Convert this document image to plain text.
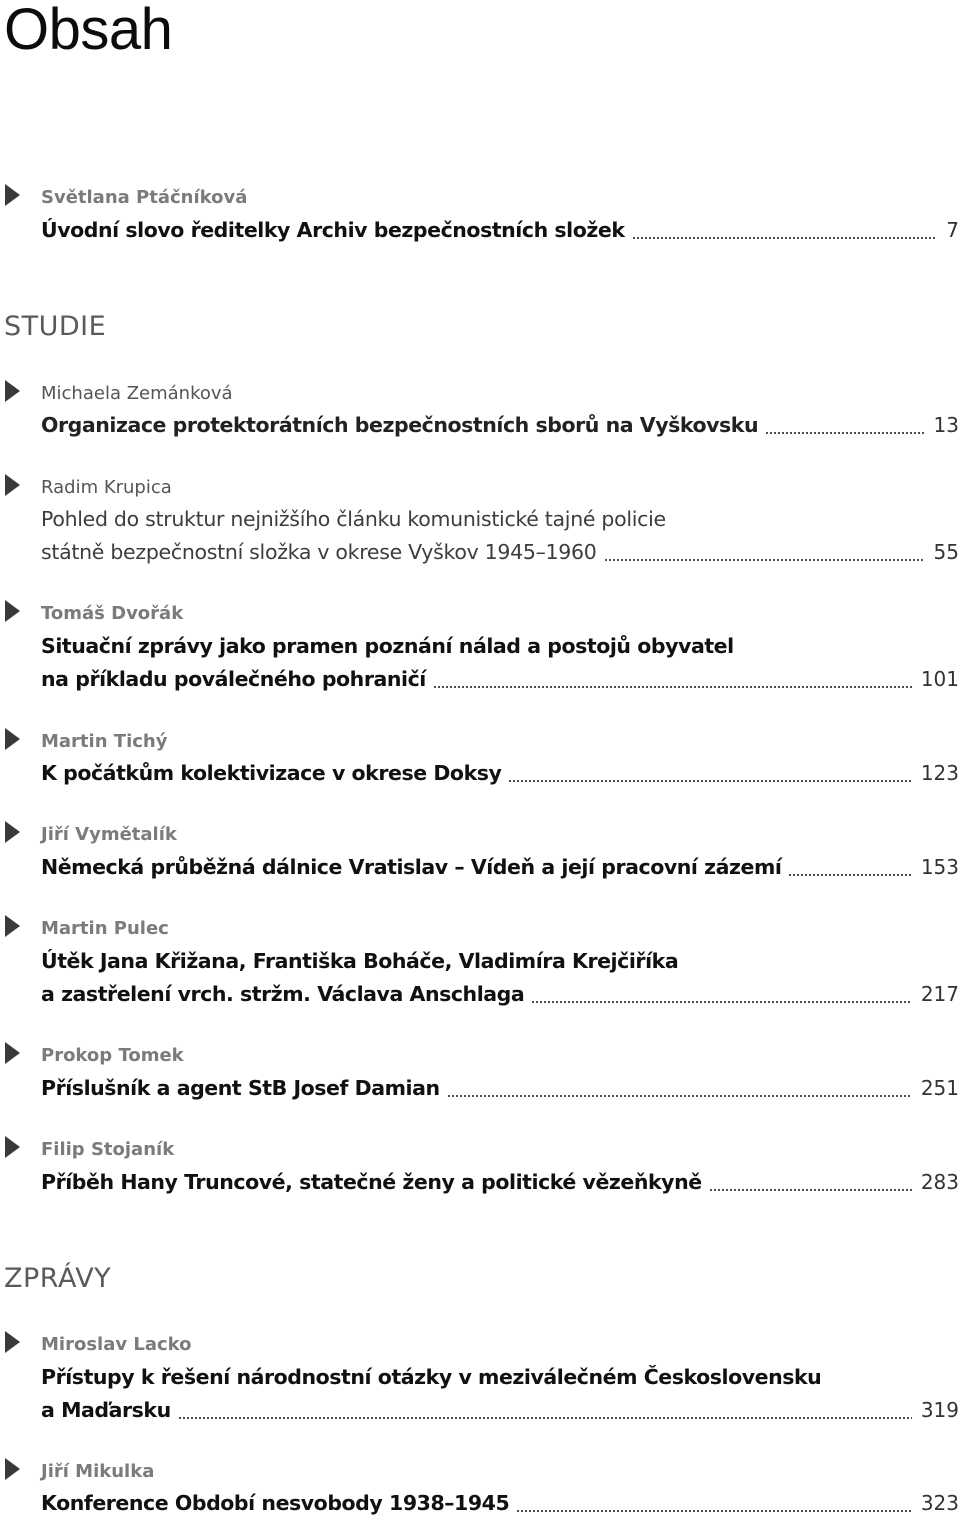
Obsah
STUDIE
ZPRÁVY
Světlana Ptáčníková
Úvodní slovo ředitelky Archiv bezpečnostních složek	7
Michaela Zemánková
Organizace protektorátních bezpečnostních sborů na Vyškovsku	13
Radim Krupica
Pohled do struktur nejnižšího článku komunistické tajné policie
státně bezpečnostní složka v okrese Vyškov 1945–1960	55
Tomáš Dvořák
Situační zprávy jako pramen poznání nálad a postojů obyvatel
na příkladu poválečného pohraničí	101
Martin Tichý
K počátkům kolektivizace v okrese Doksy	123
Jiří Vymětalík
Německá průběžná dálnice Vratislav – Vídeň a její pracovní zázemí	153
Martin Pulec
Útěk Jana Křižana, Františka Boháče, Vladimíra Krejčiříka
a zastřelení vrch. stržm. Václava Anschlaga	217
Prokop Tomek
Příslušník a agent StB Josef Damian	251
Filip Stojaník
Příběh Hany Truncové, statečné ženy a politické vězeňkyně	283
Miroslav Lacko
Přístupy k řešení národnostní otázky v meziválečném Československu
a Maďarsku	319
Jiří Mikulka
Konference Období nesvobody 1938–1945	323
